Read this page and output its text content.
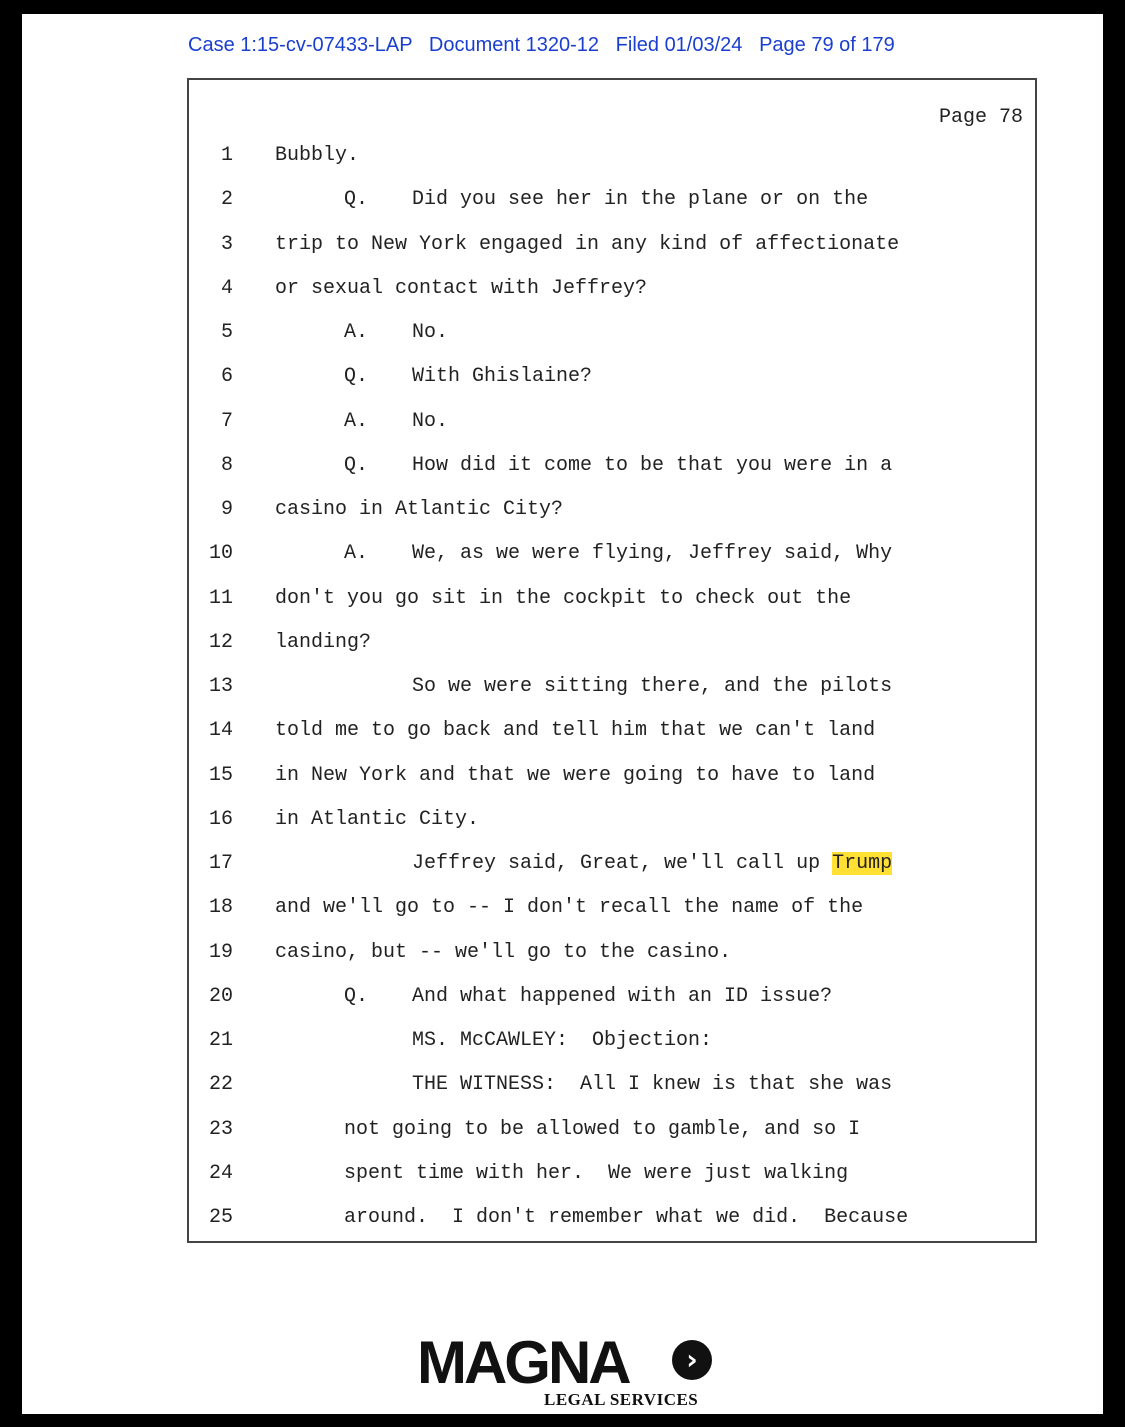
Case 1:15-cv-07433-LAP   Document 1320-12   Filed 01/03/24   Page 79 of 179
Page 78
1 Bubbly.
2	Q. Did you see her in the plane or on the
3 trip to New York engaged in any kind of affectionate
4 or sexual contact with Jeffrey?
5	A. No.
6	Q. With Ghislaine?
7	A. No.
8	Q. How did it come to be that you were in a
9 casino in Atlantic City?
10	A. We, as we were flying, Jeffrey said, Why
11 don't you go sit in the cockpit to check out the
12 landing?
13	So we were sitting there, and the pilots
14 told me to go back and tell him that we can't land
15 in New York and that we were going to have to land
16 in Atlantic City.
17	Jeffrey said, Great, we'll call up Trump
18 and we'll go to -- I don't recall the name of the
19 casino, but -- we'll go to the casino.
20	Q. And what happened with an ID issue?
21	MS. McCAWLEY:  Objection:
22	THE WITNESS:  All I knew is that she was
23	not going to be allowed to gamble, and so I
24	spent time with her.  We were just walking
25	around.  I don't remember what we did.  Because
MAGNA	›
LEGAL SERVICES
